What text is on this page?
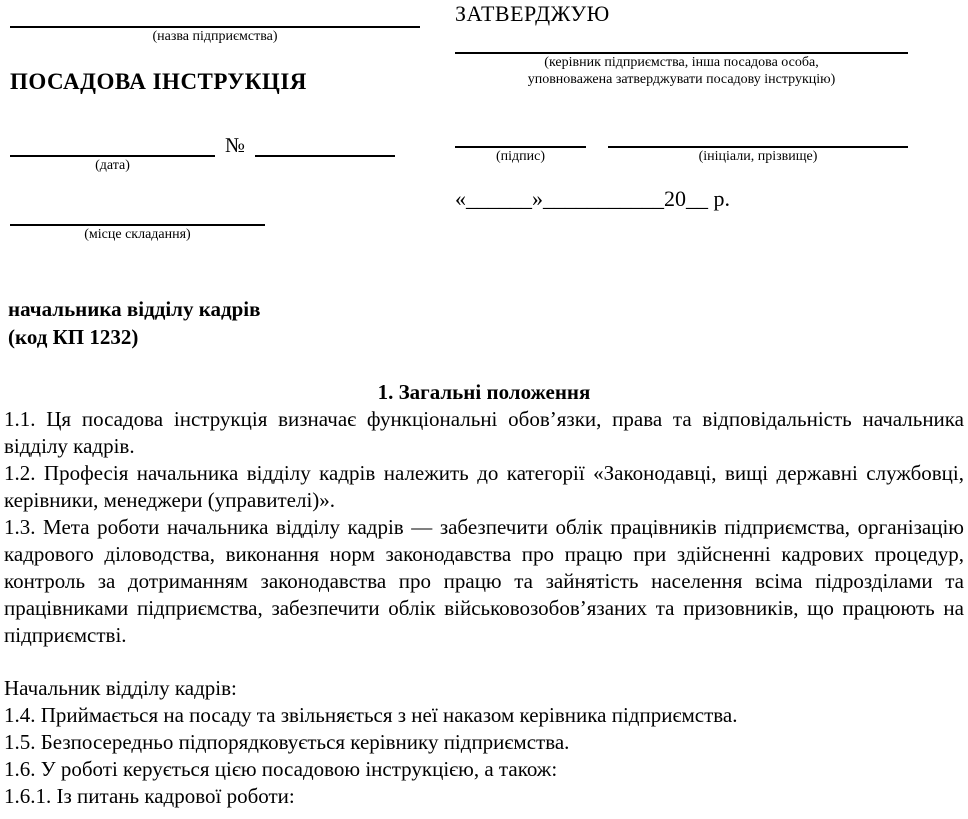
(назва підприємства)
ПОСАДОВА ІНСТРУКЦІЯ
№
(дата)
(місце складання)
ЗАТВЕРДЖУЮ
(керівник підприємства, інша посадова особа,
уповноважена затверджувати посадову інструкцію)
(підпис)	(ініціали, прізвище)
«______»___________20__ р.
начальника відділу кадрів
(код КП 1232)
1. Загальні положення

1.1. Ця посадова інструкція визначає функціональні обов’язки, права та відповідальність начальника відділу кадрів.

1.2. Професія начальника відділу кадрів належить до категорії «Законодавці, вищі державні службовці, керівники, менеджери (управителі)».

1.3. Мета роботи начальника відділу кадрів — забезпечити облік працівників підприємства, організацію кадрового діловодства, виконання норм законодавства про працю при здійсненні кадрових процедур, контроль за дотриманням законодавства про працю та зайнятість населення всіма підрозділами та працівниками підприємства, забезпечити облік військовозобов’язаних та призовників, що працюють на підприємстві.

Начальник відділу кадрів:

1.4. Приймається на посаду та звільняється з неї наказом керівника підприємства.

1.5. Безпосередньо підпорядковується керівнику підприємства.

1.6. У роботі керується цією посадовою інструкцією, а також:

1.6.1. Із питань кадрової роботи:
